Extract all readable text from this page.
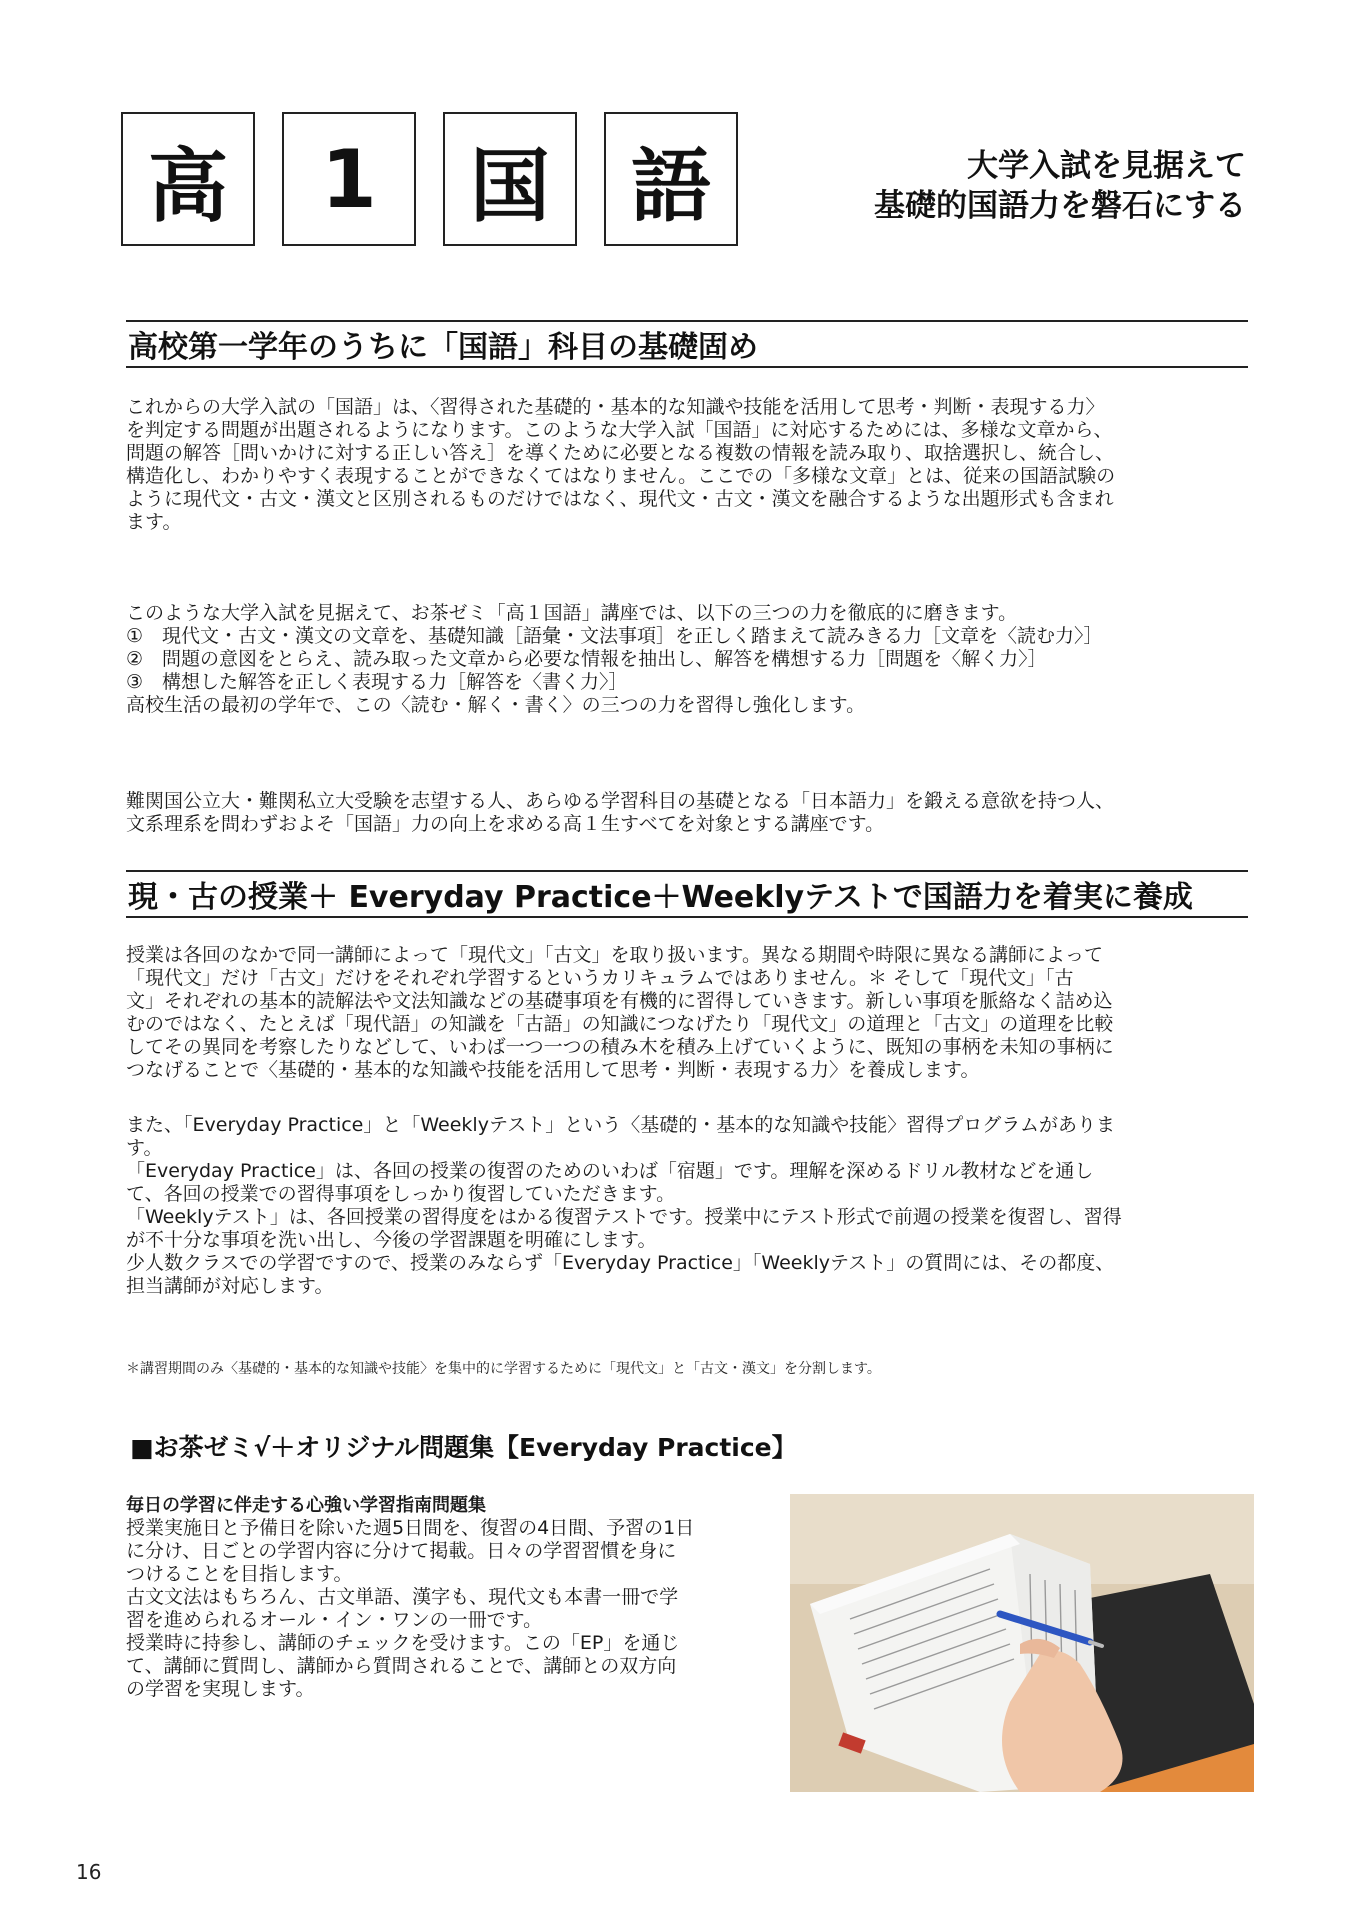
高	1	国	語	大学入試を見据えて
基礎的国語力を磐石にする
高校第一学年のうちに「国語」科目の基礎固め
これからの大学入試の「国語」は、〈習得された基礎的・基本的な知識や技能を活用して思考・判断・表現する力〉
を判定する問題が出題されるようになります。このような大学入試「国語」に対応するためには、多様な文章から、
問題の解答［問いかけに対する正しい答え］を導くために必要となる複数の情報を読み取り、取捨選択し、統合し、
構造化し、わかりやすく表現することができなくてはなりません。ここでの「多様な文章」とは、従来の国語試験の
ように現代文・古文・漢文と区別されるものだけではなく、現代文・古文・漢文を融合するような出題形式も含まれ
ます。
このような大学入試を見据えて、お茶ゼミ「高１国語」講座では、以下の三つの力を徹底的に磨きます。
①　現代文・古文・漢文の文章を、基礎知識［語彙・文法事項］を正しく踏まえて読みきる力［文章を〈読む力〉］
②　問題の意図をとらえ、読み取った文章から必要な情報を抽出し、解答を構想する力［問題を〈解く力〉］
③　構想した解答を正しく表現する力［解答を〈書く力〉］
高校生活の最初の学年で、この〈読む・解く・書く〉の三つの力を習得し強化します。
難関国公立大・難関私立大受験を志望する人、あらゆる学習科目の基礎となる「日本語力」を鍛える意欲を持つ人、
文系理系を問わずおよそ「国語」力の向上を求める高１生すべてを対象とする講座です。
現・古の授業＋ Everyday Practice＋Weeklyテストで国語力を着実に養成
授業は各回のなかで同一講師によって「現代文」「古文」を取り扱います。異なる期間や時限に異なる講師によって
「現代文」だけ「古文」だけをそれぞれ学習するというカリキュラムではありません。＊ そして「現代文」「古
文」それぞれの基本的読解法や文法知識などの基礎事項を有機的に習得していきます。新しい事項を脈絡なく詰め込
むのではなく、たとえば「現代語」の知識を「古語」の知識につなげたり「現代文」の道理と「古文」の道理を比較
してその異同を考察したりなどして、いわば一つ一つの積み木を積み上げていくように、既知の事柄を未知の事柄に
つなげることで〈基礎的・基本的な知識や技能を活用して思考・判断・表現する力〉を養成します。
また、「Everyday Practice」と「Weeklyテスト」という〈基礎的・基本的な知識や技能〉習得プログラムがありま
す。
「Everyday Practice」は、各回の授業の復習のためのいわば「宿題」です。理解を深めるドリル教材などを通し
て、各回の授業での習得事項をしっかり復習していただきます。
「Weeklyテスト」は、各回授業の習得度をはかる復習テストです。授業中にテスト形式で前週の授業を復習し、習得
が不十分な事項を洗い出し、今後の学習課題を明確にします。
少人数クラスでの学習ですので、授業のみならず「Everyday Practice」「Weeklyテスト」の質問には、その都度、
担当講師が対応します。
＊講習期間のみ〈基礎的・基本的な知識や技能〉を集中的に学習するために「現代文」と「古文・漢文」を分割します。
■お茶ゼミ√＋オリジナル問題集【Everyday Practice】
毎日の学習に伴走する心強い学習指南問題集
授業実施日と予備日を除いた週5日間を、復習の4日間、予習の1日
に分け、日ごとの学習内容に分けて掲載。日々の学習習慣を身に
つけることを目指します。
古文文法はもちろん、古文単語、漢字も、現代文も本書一冊で学
習を進められるオール・イン・ワンの一冊です。
授業時に持参し、講師のチェックを受けます。この「EP」を通じ
て、講師に質問し、講師から質問されることで、講師との双方向
の学習を実現します。
16
